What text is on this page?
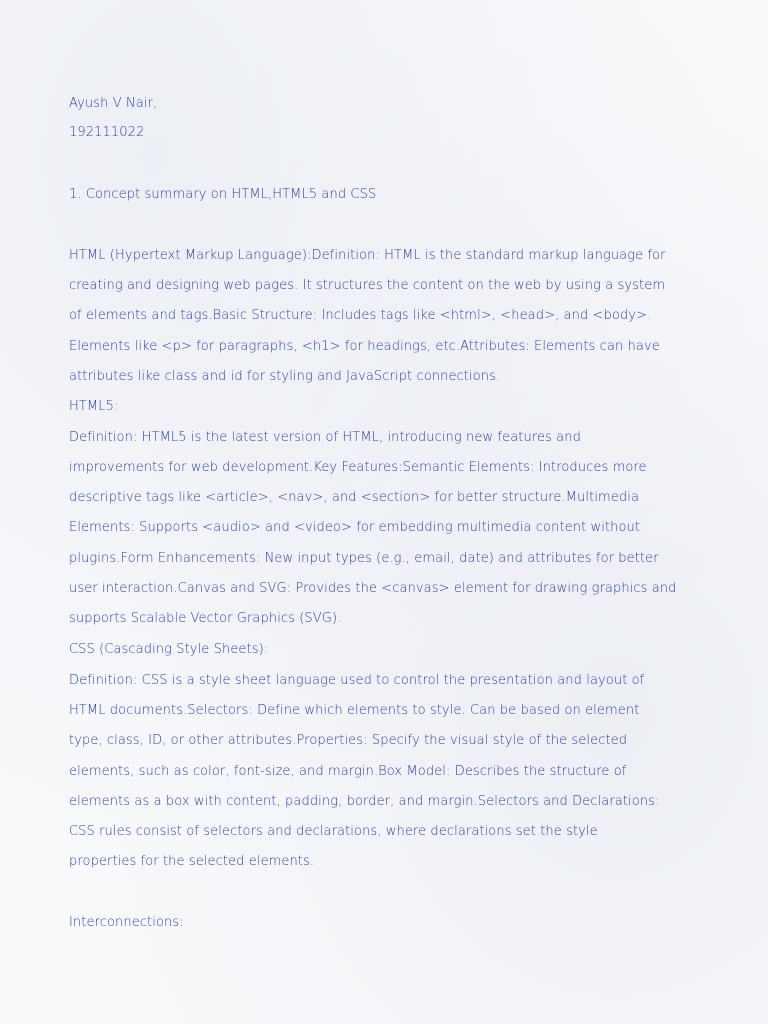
Ayush V Nair,

192111022

1. Concept summary on HTML,HTML5 and CSS

HTML (Hypertext Markup Language):Definition: HTML is the standard markup language for

creating and designing web pages. It structures the content on the web by using a system

of elements and tags.Basic Structure: Includes tags like <html>, <head>, and <body>.

Elements like <p> for paragraphs, <h1> for headings, etc.Attributes: Elements can have

attributes like class and id for styling and JavaScript connections.

HTML5:

Definition: HTML5 is the latest version of HTML, introducing new features and

improvements for web development.Key Features:Semantic Elements: Introduces more

descriptive tags like <article>, <nav>, and <section> for better structure.Multimedia

Elements: Supports <audio> and <video> for embedding multimedia content without

plugins.Form Enhancements: New input types (e.g., email, date) and attributes for better

user interaction.Canvas and SVG: Provides the <canvas> element for drawing graphics and

supports Scalable Vector Graphics (SVG).

CSS (Cascading Style Sheets):

Definition: CSS is a style sheet language used to control the presentation and layout of

HTML documents.Selectors: Define which elements to style. Can be based on element

type, class, ID, or other attributes.Properties: Specify the visual style of the selected

elements, such as color, font-size, and margin.Box Model: Describes the structure of

elements as a box with content, padding, border, and margin.Selectors and Declarations:

CSS rules consist of selectors and declarations, where declarations set the style

properties for the selected elements.

Interconnections:
